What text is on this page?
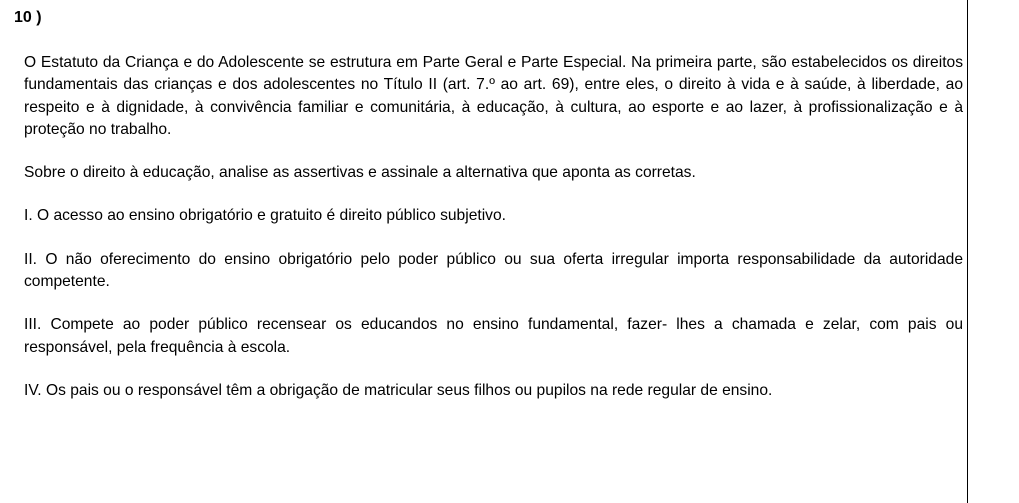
10 )

O Estatuto da Criança e do Adolescente se estrutura em Parte Geral e Parte Especial. Na primeira parte, são estabelecidos os direitos fundamentais das crianças e dos adolescentes no Título II (art. 7.º ao art. 69), entre eles, o direito à vida e à saúde, à liberdade, ao respeito e à dignidade, à convivência familiar e comunitária, à educação, à cultura, ao esporte e ao lazer, à profissionalização e à proteção no trabalho.

Sobre o direito à educação, analise as assertivas e assinale a alternativa que aponta as corretas.

I. O acesso ao ensino obrigatório e gratuito é direito público subjetivo.

II. O não oferecimento do ensino obrigatório pelo poder público ou sua oferta irregular importa responsabilidade da autoridade competente.

III. Compete ao poder público recensear os educandos no ensino fundamental, fazer- lhes a chamada e zelar, com pais ou responsável, pela frequência à escola.

IV. Os pais ou o responsável têm a obrigação de matricular seus filhos ou pupilos na rede regular de ensino.
